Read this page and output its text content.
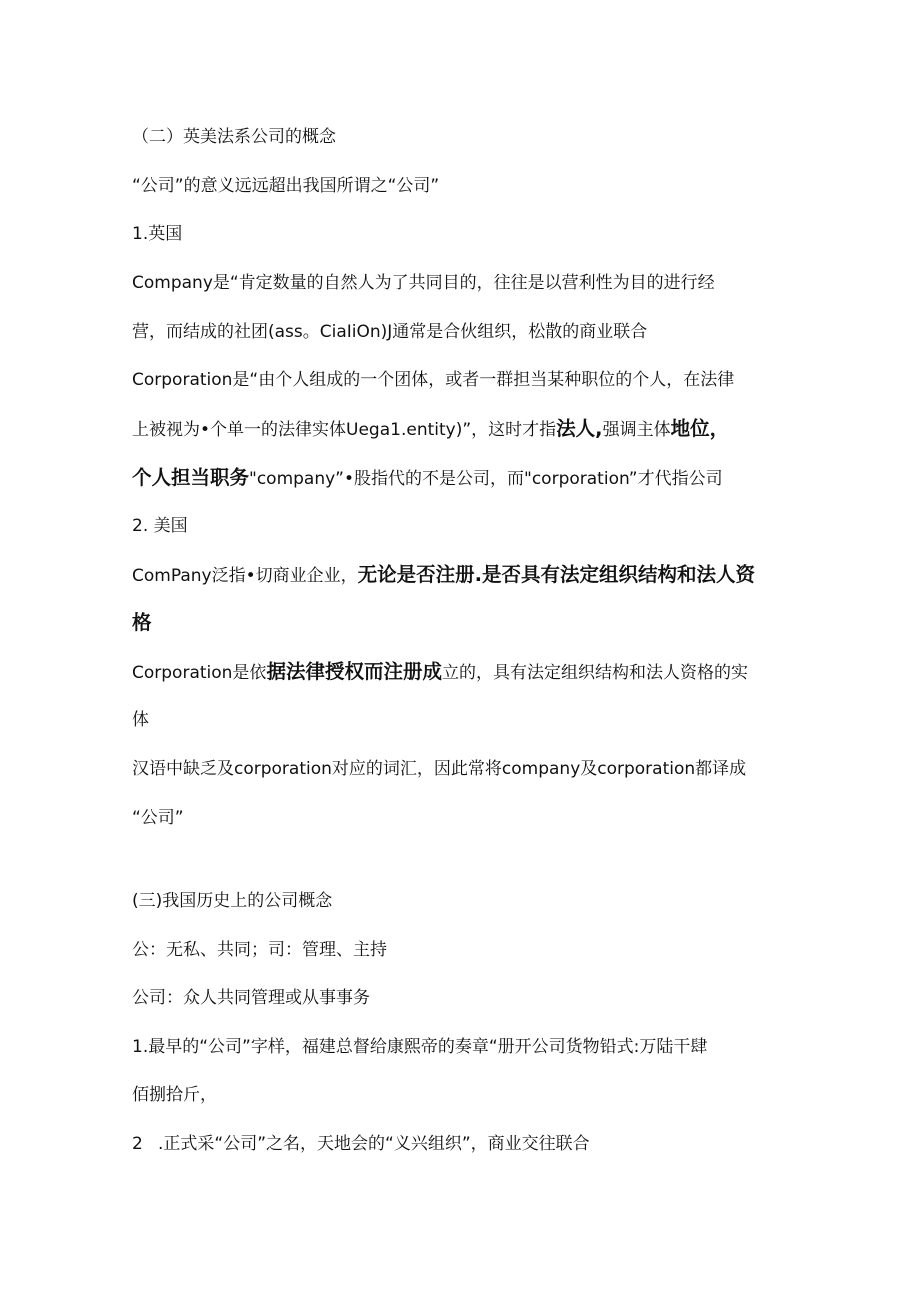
（二）英美法系公司的概念
“公司”的意义远远超出我国所谓之“公司”
1.英国
Company是“肯定数量的自然人为了共同目的，往往是以营利性为目的进行经
营，而结成的社团(ass。CiaIiOn)J通常是合伙组织，松散的商业联合
Corporation是“由个人组成的一个团体，或者一群担当某种职位的个人，在法律
上被视为•个单一的法律实体Uega1.entity)”，这时才指法人,强调主体地位，
个人担当职务"company”•股指代的不是公司，而"corporation”才代指公司
2. 美国
ComPany泛指•切商业企业，无论是否注册.是否具有法定组织结构和法人资
格
Corporation是依据法律授权而注册成立的，具有法定组织结构和法人资格的实
体
汉语中缺乏及corporation对应的词汇，因此常将company及corporation都译成
“公司”
(三)我国历史上的公司概念
公：无私、共同；司：管理、主持
公司：众人共同管理或从事事务
1.最早的“公司”字样，福建总督给康熙帝的奏章“册开公司货物铅式:万陆干肆
佰捌拾斤，
2 .正式采“公司”之名，天地会的“义兴组织”，商业交往联合
